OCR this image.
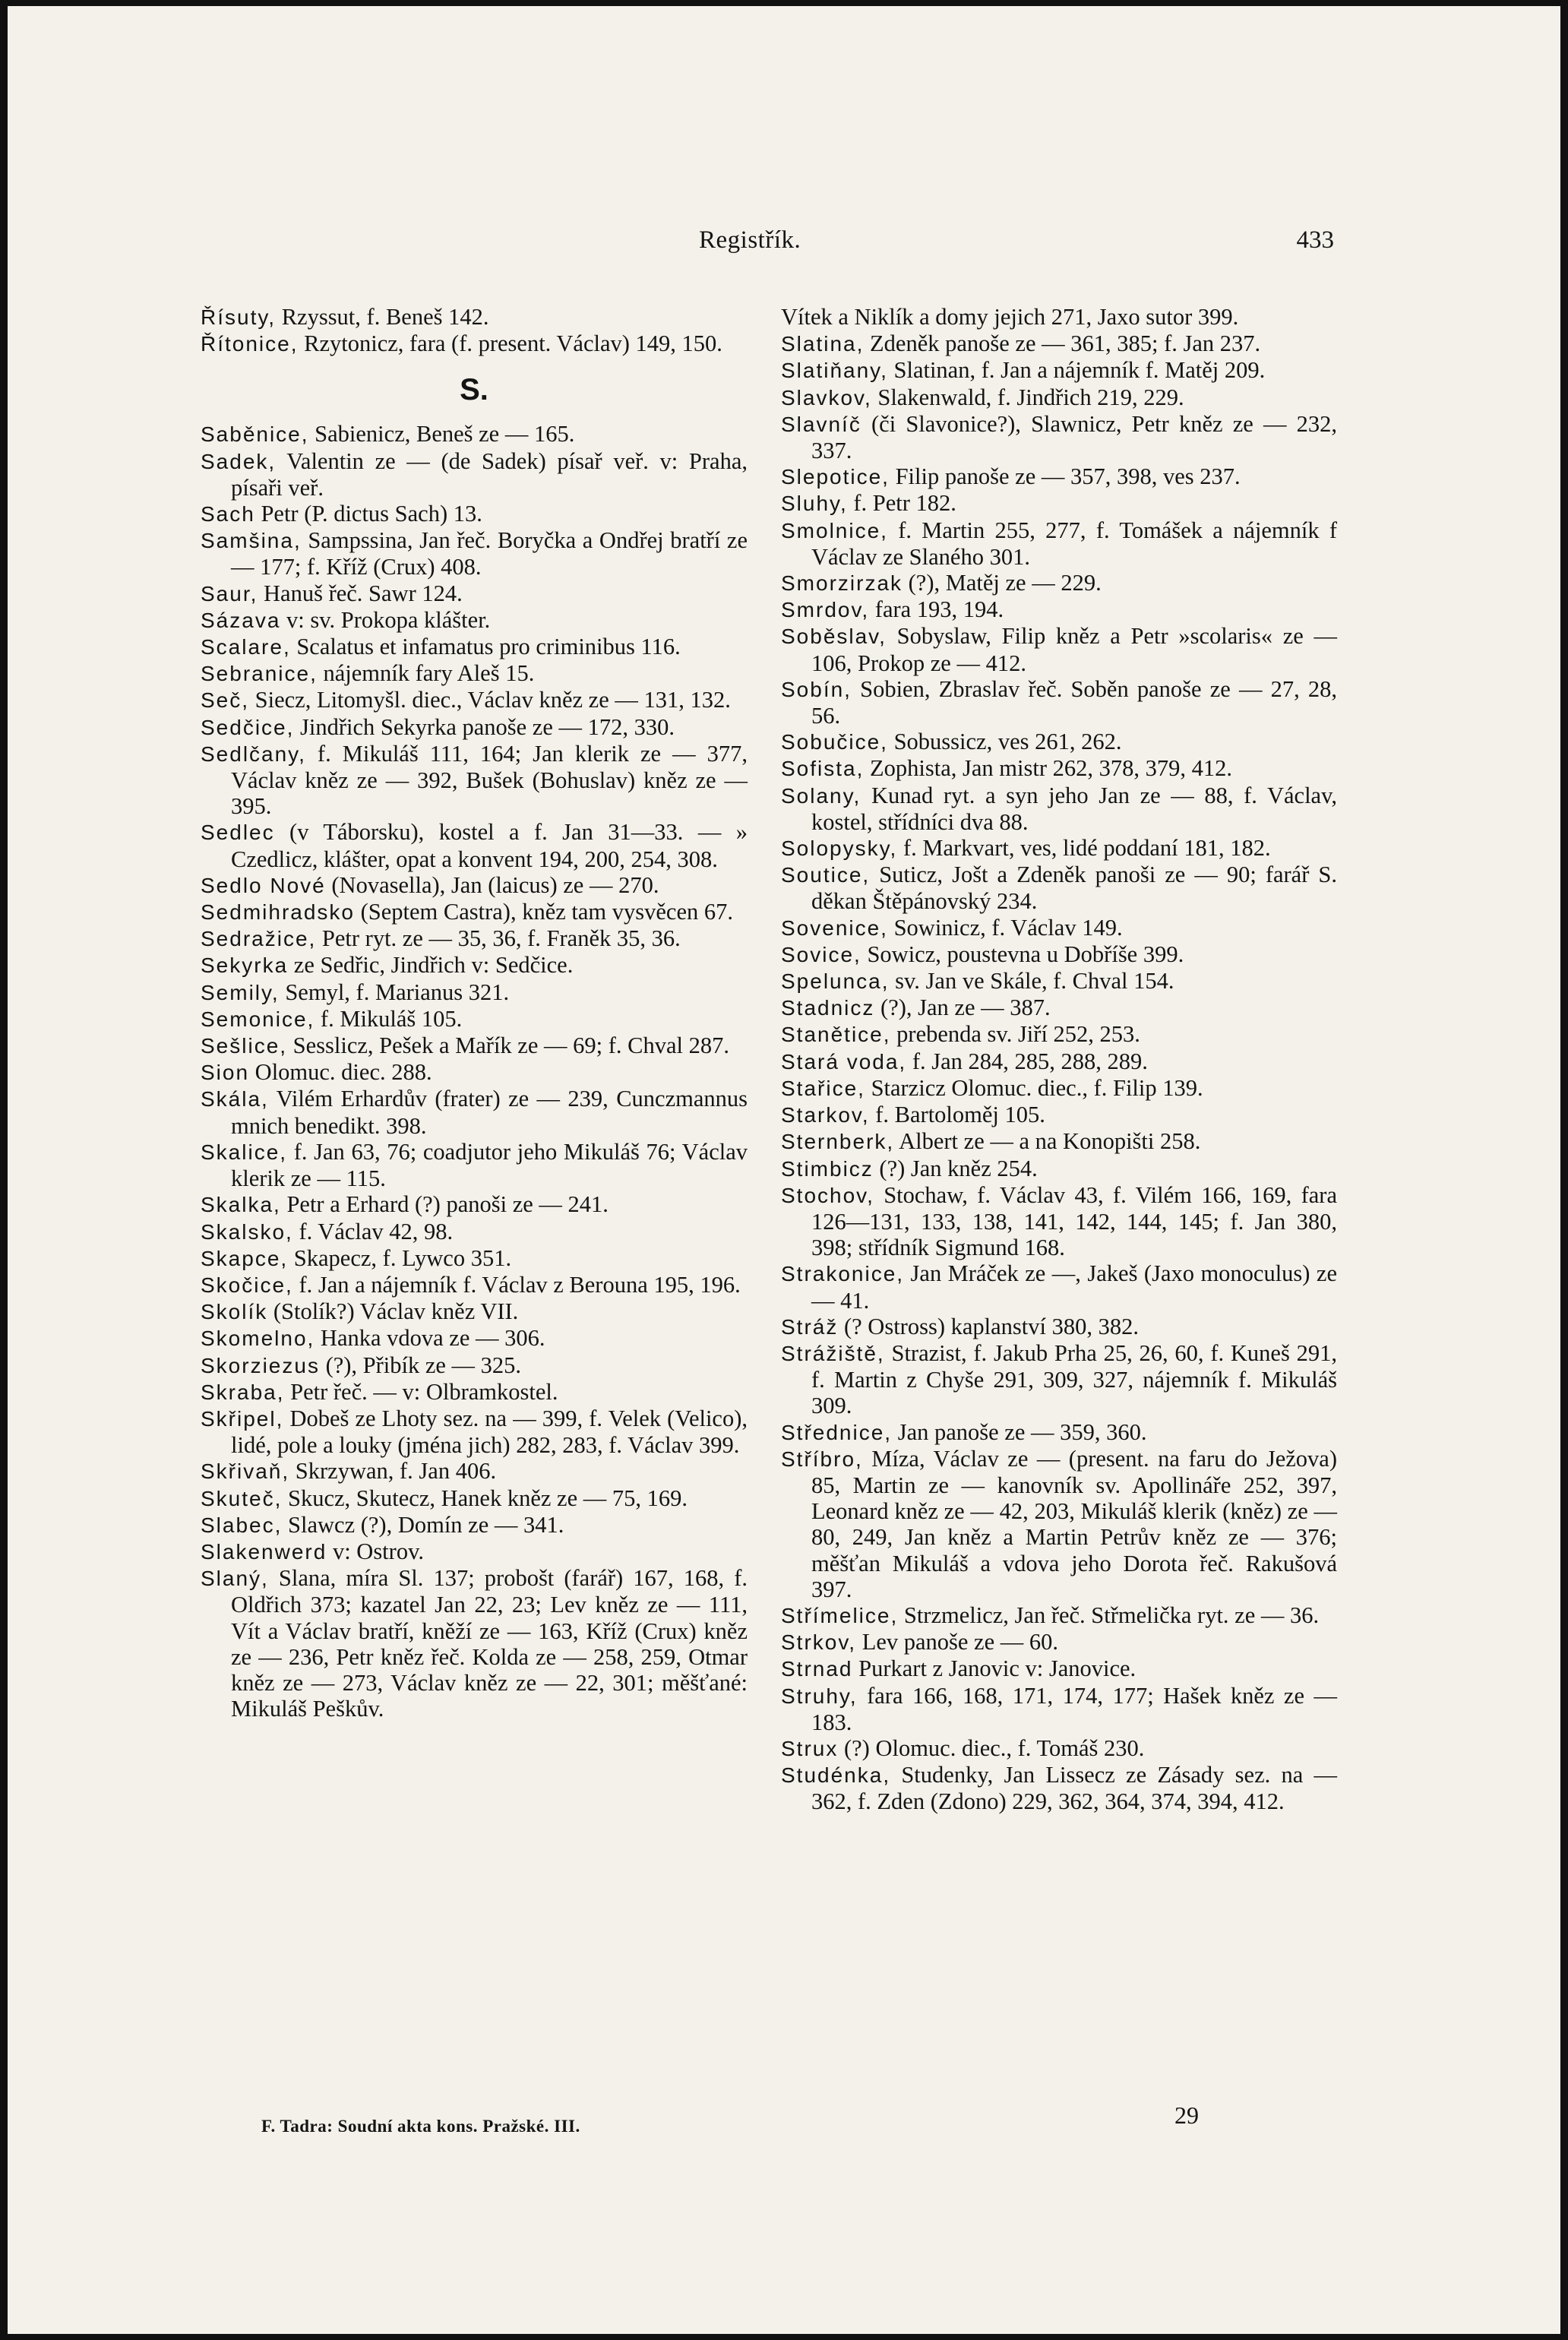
Registřík.	433

Řísuty, Rzyssut, f. Beneš 142.

Řítonice, Rzytonicz, fara (f. present. Václav) 149, 150.

S.

Saběnice, Sabienicz, Beneš ze — 165.

Sadek, Valentin ze — (de Sadek) písař veř. v: Praha, písaři veř.

Sach Petr (P. dictus Sach) 13.

Samšina, Sampssina, Jan řeč. Boryčka a Ondřej bratří ze — 177; f. Kříž (Crux) 408.

Saur, Hanuš řeč. Sawr 124.

Sázava v: sv. Prokopa klášter.

Scalare, Scalatus et infamatus pro criminibus 116.

Sebranice, nájemník fary Aleš 15.

Seč, Siecz, Litomyšl. diec., Václav kněz ze — 131, 132.

Sedčice, Jindřich Sekyrka panoše ze — 172, 330.

Sedlčany, f. Mikuláš 111, 164; Jan klerik ze — 377, Václav kněz ze — 392, Bušek (Bohuslav) kněz ze — 395.

Sedlec (v Táborsku), kostel a f. Jan 31—33. — » Czedlicz, klášter, opat a konvent 194, 200, 254, 308.

Sedlo Nové (Novasella), Jan (laicus) ze — 270.

Sedmihradsko (Septem Castra), kněz tam vysvěcen 67.

Sedražice, Petr ryt. ze — 35, 36, f. Franěk 35, 36.

Sekyrka ze Sedřic, Jindřich v: Sedčice.

Semily, Semyl, f. Marianus 321.

Semonice, f. Mikuláš 105.

Sešlice, Sesslicz, Pešek a Mařík ze — 69; f. Chval 287.

Sion Olomuc. diec. 288.

Skála, Vilém Erhardův (frater) ze — 239, Cunczmannus mnich benedikt. 398.

Skalice, f. Jan 63, 76; coadjutor jeho Mikuláš 76; Václav klerik ze — 115.

Skalka, Petr a Erhard (?) panoši ze — 241.

Skalsko, f. Václav 42, 98.

Skapce, Skapecz, f. Lywco 351.

Skočice, f. Jan a nájemník f. Václav z Berouna 195, 196.

Skolík (Stolík?) Václav kněz VII.

Skomelno, Hanka vdova ze — 306.

Skorziezus (?), Přibík ze — 325.

Skraba, Petr řeč. — v: Olbramkostel.

Skřipel, Dobeš ze Lhoty sez. na — 399, f. Velek (Velico), lidé, pole a louky (jména jich) 282, 283, f. Václav 399.

Skřivaň, Skrzywan, f. Jan 406.

Skuteč, Skucz, Skutecz, Hanek kněz ze — 75, 169.

Slabec, Slawcz (?), Domín ze — 341.

Slakenwerd v: Ostrov.

Slaný, Slana, míra Sl. 137; probošt (farář) 167, 168, f. Oldřich 373; kazatel Jan 22, 23; Lev kněz ze — 111, Vít a Václav bratří, kněží ze — 163, Kříž (Crux) kněz ze — 236, Petr kněz řeč. Kolda ze — 258, 259, Otmar kněz ze — 273, Václav kněz ze — 22, 301; měšťané: Mikuláš Peškův.

Vítek a Niklík a domy jejich 271, Jaxo sutor 399.

Slatina, Zdeněk panoše ze — 361, 385; f. Jan 237.

Slatiňany, Slatinan, f. Jan a nájemník f. Matěj 209.

Slavkov, Slakenwald, f. Jindřich 219, 229.

Slavníč (či Slavonice?), Slawnicz, Petr kněz ze — 232, 337.

Slepotice, Filip panoše ze — 357, 398, ves 237.

Sluhy, f. Petr 182.

Smolnice, f. Martin 255, 277, f. Tomášek a nájemník f Václav ze Slaného 301.

Smorzirzak (?), Matěj ze — 229.

Smrdov, fara 193, 194.

Soběslav, Sobyslaw, Filip kněz a Petr »scolaris« ze — 106, Prokop ze — 412.

Sobín, Sobien, Zbraslav řeč. Soběn panoše ze — 27, 28, 56.

Sobučice, Sobussicz, ves 261, 262.

Sofista, Zophista, Jan mistr 262, 378, 379, 412.

Solany, Kunad ryt. a syn jeho Jan ze — 88, f. Václav, kostel, střídníci dva 88.

Solopysky, f. Markvart, ves, lidé poddaní 181, 182.

Soutice, Suticz, Jošt a Zdeněk panoši ze — 90; farář S. děkan Štěpánovský 234.

Sovenice, Sowinicz, f. Václav 149.

Sovice, Sowicz, poustevna u Dobříše 399.

Spelunca, sv. Jan ve Skále, f. Chval 154.

Stadnicz (?), Jan ze — 387.

Stanětice, prebenda sv. Jiří 252, 253.

Stará voda, f. Jan 284, 285, 288, 289.

Stařice, Starzicz Olomuc. diec., f. Filip 139.

Starkov, f. Bartoloměj 105.

Sternberk, Albert ze — a na Konopišti 258.

Stimbicz (?) Jan kněz 254.

Stochov, Stochaw, f. Václav 43, f. Vilém 166, 169, fara 126—131, 133, 138, 141, 142, 144, 145; f. Jan 380, 398; střídník Sigmund 168.

Strakonice, Jan Mráček ze —, Jakeš (Jaxo monoculus) ze — 41.

Stráž (? Ostross) kaplanství 380, 382.

Strážiště, Strazist, f. Jakub Prha 25, 26, 60, f. Kuneš 291, f. Martin z Chyše 291, 309, 327, nájemník f. Mikuláš 309.

Střednice, Jan panoše ze — 359, 360.

Stříbro, Míza, Václav ze — (present. na faru do Ježova) 85, Martin ze — kanovník sv. Apollináře 252, 397, Leonard kněz ze — 42, 203, Mikuláš klerik (kněz) ze — 80, 249, Jan kněz a Martin Petrův kněz ze — 376; měšťan Mikuláš a vdova jeho Dorota řeč. Rakušová 397.

Střímelice, Strzmelicz, Jan řeč. Střmelička ryt. ze — 36.

Strkov, Lev panoše ze — 60.

Strnad Purkart z Janovic v: Janovice.

Struhy, fara 166, 168, 171, 174, 177; Hašek kněz ze — 183.

Strux (?) Olomuc. diec., f. Tomáš 230.

Studénka, Studenky, Jan Lissecz ze Zásady sez. na — 362, f. Zden (Zdono) 229, 362, 364, 374, 394, 412.

F. Tadra: Soudní akta kons. Pražské. III.	29
